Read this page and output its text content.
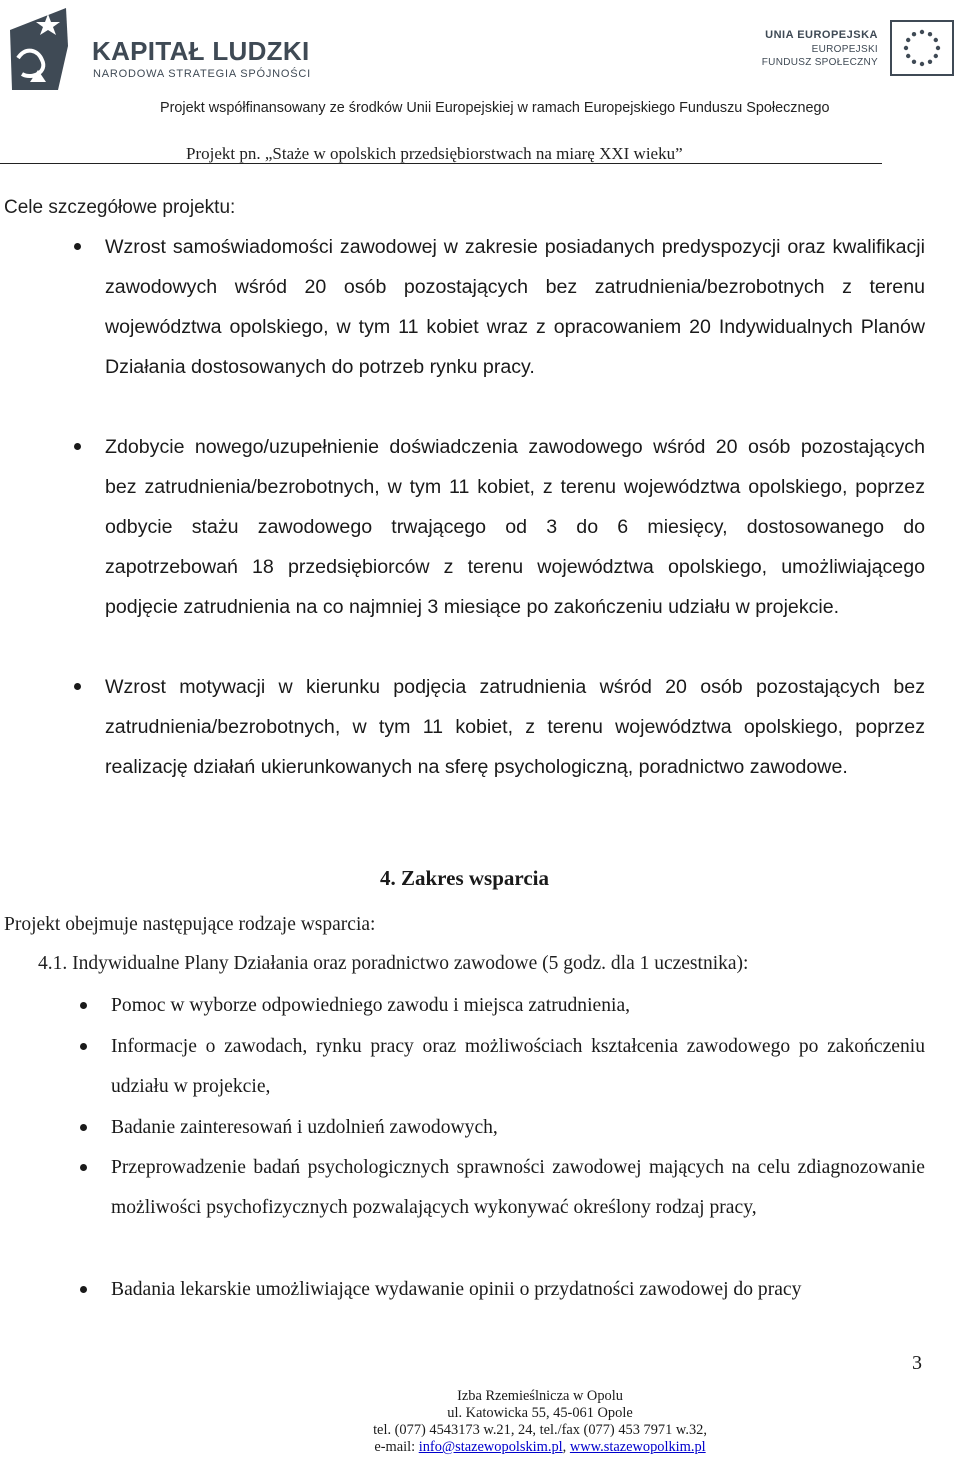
KAPITAŁ LUDZKI
NARODOWA STRATEGIA SPÓJNOŚCI
UNIA EUROPEJSKA
EUROPEJSKI
FUNDUSZ SPOŁECZNY
Projekt współfinansowany ze środków Unii Europejskiej w ramach Europejskiego Funduszu Społecznego
Projekt pn. „Staże w opolskich przedsiębiorstwach na miarę XXI wieku”
Cele szczegółowe projektu:
Wzrost samoświadomości zawodowej w zakresie posiadanych predyspozycji oraz kwalifikacji zawodowych wśród 20 osób pozostających bez zatrudnienia/bezrobotnych z terenu województwa opolskiego, w tym 11 kobiet wraz z opracowaniem 20 Indywidualnych Planów Działania dostosowanych do potrzeb rynku pracy.
Zdobycie nowego/uzupełnienie doświadczenia zawodowego wśród 20 osób pozostających bez zatrudnienia/bezrobotnych, w tym 11 kobiet, z terenu województwa opolskiego, poprzez odbycie stażu zawodowego trwającego od 3 do 6 miesięcy, dostosowanego do zapotrzebowań 18 przedsiębiorców z terenu województwa opolskiego, umożliwiającego podjęcie zatrudnienia na co najmniej 3 miesiące po zakończeniu udziału w projekcie.
Wzrost motywacji w kierunku podjęcia zatrudnienia wśród 20 osób pozostających bez zatrudnienia/bezrobotnych, w tym 11 kobiet, z terenu województwa opolskiego, poprzez realizację działań ukierunkowanych na sferę psychologiczną, poradnictwo zawodowe.
4. Zakres wsparcia
Projekt obejmuje następujące rodzaje wsparcia:
4.1. Indywidualne Plany Działania oraz poradnictwo zawodowe (5 godz. dla 1 uczestnika):
Pomoc w wyborze odpowiedniego zawodu i miejsca zatrudnienia,
Informacje o zawodach, rynku pracy oraz możliwościach kształcenia zawodowego po zakończeniu udziału w projekcie,
Badanie zainteresowań i uzdolnień zawodowych,
Przeprowadzenie badań psychologicznych sprawności zawodowej mających na celu zdiagnozowanie możliwości psychofizycznych pozwalających wykonywać określony rodzaj pracy,
Badania lekarskie umożliwiające wydawanie opinii o przydatności zawodowej do pracy
3
Izba Rzemieślnicza w Opolu
ul. Katowicka 55, 45-061 Opole
tel. (077) 4543173 w.21, 24, tel./fax (077) 453 7971 w.32,
e-mail: info@stazewopolskim.pl, www.stazewopolkim.pl
